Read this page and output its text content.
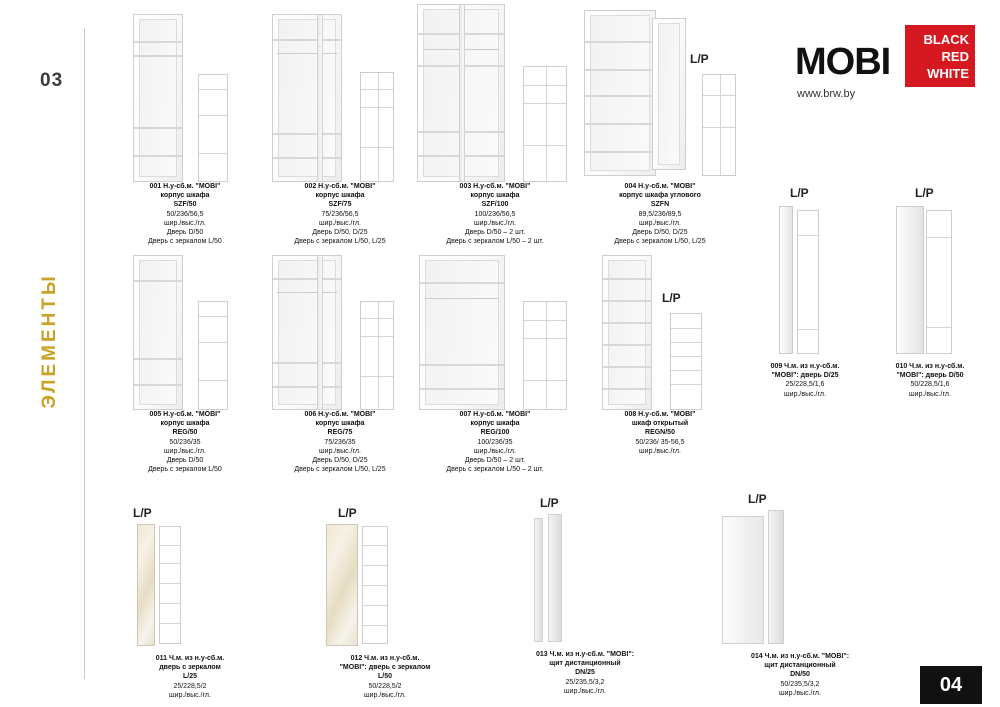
03
ЭЛЕМЕНТЫ
MOBI
www.brw.by
BLACK
RED
WHITE
001 Н.у-сб.м. "MOBI"
корпус шкафа
SZF/50
50/236/56,5
шир./выс./гл.
Дверь D/50
Дверь с зеркалом L/50
002 Н.у-сб.м. "MOBI"
корпус шкафа
SZF/75
75/236/56,5
шир./выс./гл.
Дверь D/50, D/25
Дверь с зеркалом L/50, L/25
003 Н.у-сб.м. "MOBI"
корпус шкафа
SZF/100
100/236/56,5
шир./выс./гл.
Дверь D/50 – 2 шт.
Дверь с зеркалом L/50 – 2 шт.
L/P
004 Н.у-сб.м. "MOBI"
корпус шкафа углового
SZFN
89,5/236/89,5
шир./выс./гл.
Дверь D/50, D/25
Дверь с зеркалом L/50, L/25
L/P
009 Ч.м. из н.у-сб.м.
"MOBI": дверь D/25
25/228,5/1,6
шир./выс./гл.
L/P
010 Ч.м. из н.у-сб.м.
"MOBI": дверь D/50
50/228,5/1,6
шир./выс./гл.
005 Н.у-сб.м. "MOBI"
корпус шкафа
REG/50
50/236/35
шир./выс./гл.
Дверь D/50
Дверь с зеркалом L/50
006 Н.у-сб.м. "MOBI"
корпус шкафа
REG/75
75/236/35
шир./выс./гл.
Дверь D/50, D/25
Дверь с зеркалом L/50, L/25
007 Н.у-сб.м. "MOBI"
корпус шкафа
REG/100
100/236/35
шир./выс./гл.
Дверь D/50 – 2 шт.
Дверь с зеркалом L/50 – 2 шт.
L/P
008 Н.у-сб.м. "MOBI"
шкаф открытый
REGN/50
50/236/ 35-56,5
шир./выс./гл.
L/P
011 Ч.м. из н.у-сб.м.
дверь с зеркалом
L/25
25/228,5/2
шир./выс./гл.
L/P
012 Ч.м. из н.у-сб.м.
"MOBI": дверь с зеркалом
L/50
50/228,5/2
шир./выс./гл.
L/P
013 Ч.м. из н.у-сб.м. "MOBI":
щит дистанционный
DN/25
25/235,5/3,2
шир./выс./гл.
L/P
014 Ч.м. из н.у-сб.м. "MOBI":
щит дистанционный
DN/50
50/235,5/3,2
шир./выс./гл.	04
